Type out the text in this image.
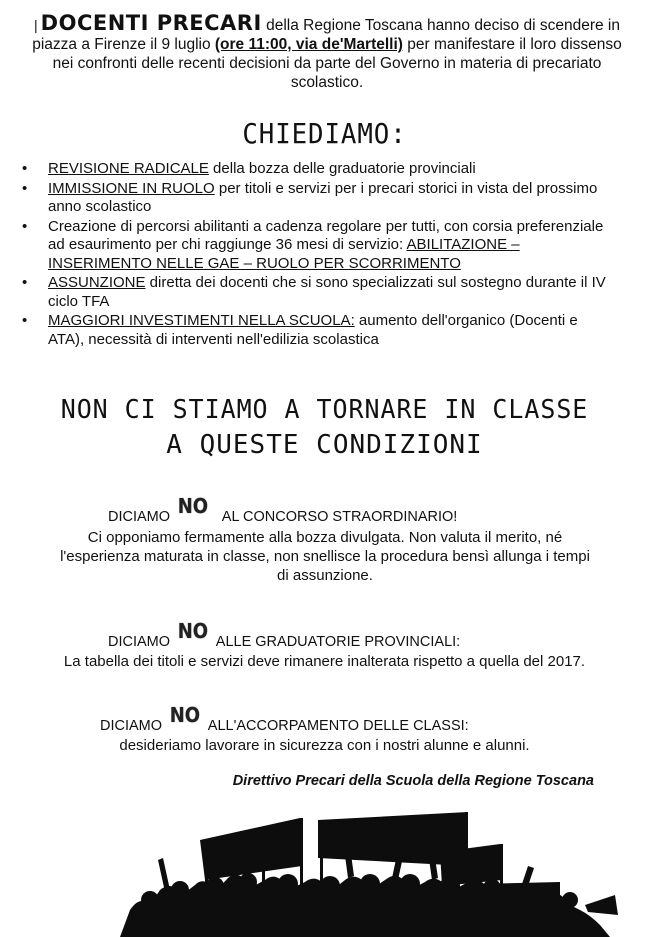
| DOCENTI PRECARI della Regione Toscana hanno deciso di scendere in piazza a Firenze il 9 luglio (ore 11:00, via de'Martelli) per manifestare il loro dissenso nei confronti delle recenti decisioni da parte del Governo in materia di precariato scolastico.
CHIEDIAMO:
• REVISIONE RADICALE della bozza delle graduatorie provinciali
• IMMISSIONE IN RUOLO per titoli e servizi per i precari storici in vista del prossimo anno scolastico
• Creazione di percorsi abilitanti a cadenza regolare per tutti, con corsia preferenziale ad esaurimento per chi raggiunge 36 mesi di servizio: ABILITAZIONE – INSERIMENTO NELLE GAE – RUOLO PER SCORRIMENTO
• ASSUNZIONE diretta dei docenti che si sono specializzati sul sostegno durante il IV ciclo TFA
• MAGGIORI INVESTIMENTI NELLA SCUOLA: aumento dell'organico (Docenti e ATA), necessità di interventi nell'edilizia scolastica
NON CI STIAMO A TORNARE IN CLASSE
A QUESTE CONDIZIONI
DICIAMO NO AL CONCORSO STRAORDINARIO!
Ci opponiamo fermamente alla bozza divulgata. Non valuta il merito, né l'esperienza maturata in classe, non snellisce la procedura bensì allunga i tempi di assunzione.
DICIAMO NO ALLE GRADUATORIE PROVINCIALI:
La tabella dei titoli e servizi deve rimanere inalterata rispetto a quella del 2017.
DICIAMO NO ALL'ACCORPAMENTO DELLE CLASSI:
desideriamo lavorare in sicurezza con i nostri alunne e alunni.
Direttivo Precari della Scuola della Regione Toscana
